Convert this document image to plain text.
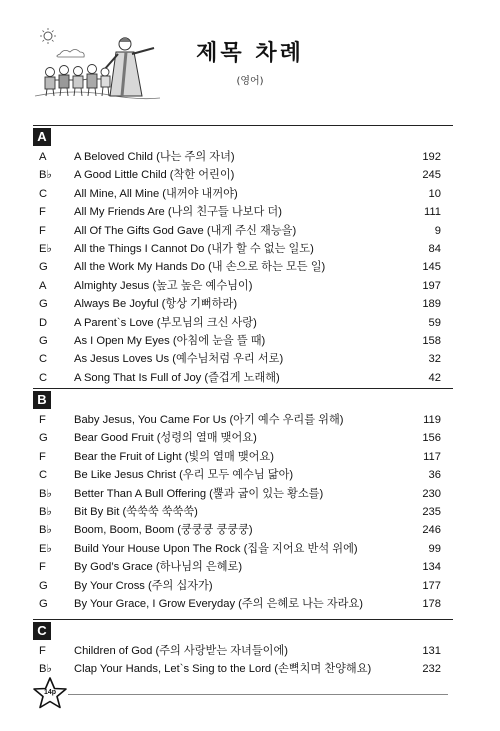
제목 차례
(영어)
A
A A Beloved Child (나는 주의 자녀)	192
B♭ A Good Little Child (착한 어린이)	245
C All Mine, All Mine (내꺼야 내꺼야)	10
F	All My Friends Are (나의 친구들 나보다 더)	111
F	All Of The Gifts God Gave (내게 주신 재능을)	9
E♭ All the Things I Cannot Do (내가 할 수 없는 일도)	84
G All the Work My Hands Do (내 손으로 하는 모든 일)	145
A Almighty Jesus (높고 높은 예수님이)	197
G Always Be Joyful (항상 기뻐하라)	189
D A Parent`s Love (부모님의 크신 사랑)	59
G As I Open My Eyes (아침에 눈을 뜰 때)	158
C As Jesus Loves Us (예수님처럼 우리 서로)	32
C A Song That Is Full of Joy (즐겁게 노래해)	42
B
F	Baby Jesus, You Came For Us (아기 예수 우리를 위해)	119
G Bear Good Fruit (성령의 열매 맺어요)	156
F	Bear the Fruit of Light (빛의 열매 맺어요)	117
C Be Like Jesus Christ (우리 모두 예수님 닮아)	36
B♭ Better Than A Bull Offering (뿔과 굽이 있는 황소를)	230
B♭ Bit By Bit (쑥쑥쑥 쑥쑥쑥)	235
B♭ Boom, Boom, Boom (쿵쿵쿵 쿵쿵쿵)	246
E♭ Build Your House Upon The Rock (집을 지어요 반석 위에)	99
F	By God’s Grace (하나님의 은혜로)	134
G By Your Cross (주의 십자가)	177
G By Your Grace, I Grow Everyday (주의 은혜로 나는 자라요)	178
C
F	Children of God (주의 사랑받는 자녀들이에)	131
B♭ Clap Your Hands, Let`s Sing to the Lord (손뼉치며 찬양해요)	232
14p
